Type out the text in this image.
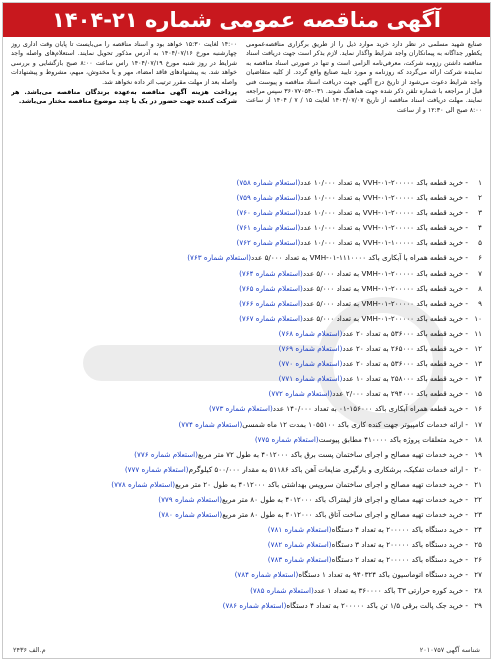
آگهی مناقصه عمومی شماره ۲۱-۱۴۰۴
صنایع شهید مسلمی در نظر دارد خرید موارد ذیل را از طریق برگزاری مناقصه‌عمومی یکطور جداگانه به پیمانکاران واجد شرایط واگذار نماید. لازم بذکر است جهت دریافت اسناد مناقصه داشتن رزومه شرکت، معرفی‌نامه الزامی است و تنها در صورتی اسناد مناقصه به نماینده شرکت ارائه می‌گردد که روزنامه و مورد تایید صنایع واقع گردد. از کلیه متقاضیان واجد شرایط دعوت می‌شود از تاریخ درج آگهی جهت دریافت اسناد مناقصه و پیوست فنی قبل از مراجعه با شماره تلفن ذکر شده جهت هماهنگ شوند. ۰۳۱-۳۶۰۷۷۰۵۴ سپس مراجعه نمایند. مهلت دریافت اسناد مناقصه از تاریخ ۱۴۰۴/۰۷/۰۷ لغایت ۱۵ / ۷ / ۱۴۰۴ از ساعت ۸:۰۰ صبح الی ۱۲:۳۰ و از ساعت
۱۴:۰۰ لغایت ۱۵:۳۰ خواهد بود و اسناد مناقصه را می‌بایست تا پایان وقت اداری روز چهارشنبه مورخ ۱۴۰۴/۰۷/۱۶ به آدرس مذکور تحویل نمایند. استعلام‌های واصله واجد شرایط در روز شنبه مورخ ۱۴۰۴/۰۷/۱۹ راس ساعت ۸:۰۰ صبح بازگشایی و بررسی خواهد شد. به پیشنهادهای فاقد امضاء، مهر و یا مخدوش، مبهم، مشروط و پیشنهادات واصله بعد از مهلت مقرر ترتیب اثر داده نخواهد شد.
پرداخت هزینه آگهی مناقصه به‌عهده برندگان مناقصه می‌باشد. هر شرکت کننده جهت حضور در یک یا چند موضوع مناقصه مختار می‌باشد.
۱- خرید قطعه باکد ۲۰۰۰۰۰-VVH-۰۱ به تعداد ۱۰/۰۰۰ عدد(استعلام شماره ۷۵۸)
۲- خرید قطعه باکد ۲۰۰۰۰۰-VVH-۰۱ به تعداد ۱۰/۰۰۰ عدد(استعلام شماره ۷۵۹)
۳- خرید قطعه باکد ۲۰۰۰۰۰-VVH-۰۱ به تعداد ۱۰/۰۰۰ عدد(استعلام شماره ۷۶۰)
۴- خرید قطعه باکد ۲۰۰۰۰۰-VVH-۰۱ به تعداد ۱۰/۰۰۰ عدد(استعلام شماره ۷۶۱)
۵- خرید قطعه باکد ۱۰۰۰۰۰-VVH-۰۱ به تعداد ۱۰/۰۰۰ عدد(استعلام شماره ۷۶۲)
۶- خرید قطعه همراه با آبکاری باکد ۱۱۱۰۰۰۰-VMH-۰۱ به تعداد ۵/۰۰۰ عدد(استعلام شماره ۷۶۳)
۷- خرید قطعه باکد ۲۰۰۰۰۰-VMH-۰۱ به تعداد ۵/۰۰۰ عدد(استعلام شماره ۷۶۴)
۸- خرید قطعه باکد ۲۰۰۰۰۰-VMH-۰۱ به تعداد ۵/۰۰۰ عدد(استعلام شماره ۷۶۵)
۹- خرید قطعه باکد ۲۰۰۰۰۰-VMH-۰۱ به تعداد ۵/۰۰۰ عدد(استعلام شماره ۷۶۶)
۱۰- خرید قطعه باکد ۲۰۰۰۰۰-VMH-۰۱ به تعداد ۵/۰۰۰ عدد(استعلام شماره ۷۶۷)
۱۱- خرید قطعه باکد ۵۳۶۰۰۰ به تعداد ۲۰ عدد(استعلام شماره ۷۶۸)
۱۲- خرید قطعه باکد ۲۶۵۰۰۰ به تعداد ۲۰ عدد(استعلام شماره ۷۶۹)
۱۳- خرید قطعه باکد ۵۳۶۰۰۰ به تعداد ۲۰ عدد(استعلام شماره ۷۷۰)
۱۴- خرید قطعه باکد ۲۵۸۰۰۰ به تعداد ۱۰ عدد(استعلام شماره ۷۷۱)
۱۵- خرید قطعه باکد ۲۹۴۰۰۰ به تعداد ۲/۰۰۰ عدد(استعلام شماره ۷۷۲)
۱۶- خرید قطعه همراه آبکاری باکد ۱۵۶۰۰۰-۰۱ به تعداد ۱۴۰/۰۰۰ عدد(استعلام شماره ۷۷۳)
۱۷- ارائه خدمات کامپیوتر جهت کنده کاری باکد ۱۰۵۵۱۰۰ بمدت ۱۲ ماه شمسی(استعلام شماره ۷۷۴)
۱۸- خرید متعلقات پروژه باکد ۴۱۰۰۰۰ مطابق پیوست(استعلام شماره ۷۷۵)
۱۹- خرید خدمات تهیه مصالح و اجرای ساختمان پست برق باکد ۴۰۱۲۰۰۰ به طول ۷۲ متر مربع(استعلام شماره ۷۷۶)
۲۰- ارائه خدمات تفکیک، برشکاری و بارگیری ضایعات آهن باکد ۵۱۱۸۶ به مقدار ۵۰۰/۰۰۰ کیلوگرم(استعلام شماره ۷۷۷)
۲۱- خرید خدمات تهیه مصالح و اجرای ساختمان سرویس بهداشتی باکد ۴۰۱۲۰۰۰ به طول ۲۰ متر مربع(استعلام شماره ۷۷۸)
۲۲- خرید خدمات تهیه مصالح و اجرای فاز لیفتراک باکد ۴۰۱۲۰۰۰ به طول ۸۰ متر مربع(استعلام شماره ۷۷۹)
۲۳- خرید خدمات تهیه مصالح و اجرای ساخت آتاق باکد ۴۰۱۲۰۰۰ به طول ۸۰ متر مربع(استعلام شماره ۷۸۰)
۲۴- خرید دستگاه باکد ۲۰۰۰۰۰ به تعداد ۴ دستگاه(استعلام شماره ۷۸۱)
۲۵- خرید دستگاه باکد ۲۰۰۰۰۰ به تعداد ۳ دستگاه(استعلام شماره ۷۸۲)
۲۶- خرید دستگاه باکد ۲۰۰۰۰۰ به تعداد ۲ دستگاه(استعلام شماره ۷۸۳)
۲۷- خرید دستگاه اتوماسیون باکد ۹۴۰۳۲۴ به تعداد ۱ دستگاه(استعلام شماره ۷۸۴)
۲۸- خرید کوره حرارتی T۳ باکد ۳۶۰۰۰۰ به تعداد ۱ عدد(استعلام شماره ۷۸۵)
۲۹- خرید جک پالت برقی ۱/۵ تن باکد ۲۰۰۰۰۰ به تعداد ۴ دستگاه(استعلام شماره ۷۸۶)
شناسه آگهی ۲۰۱۰۷۵۷
م.الف ۲۴۳۶
